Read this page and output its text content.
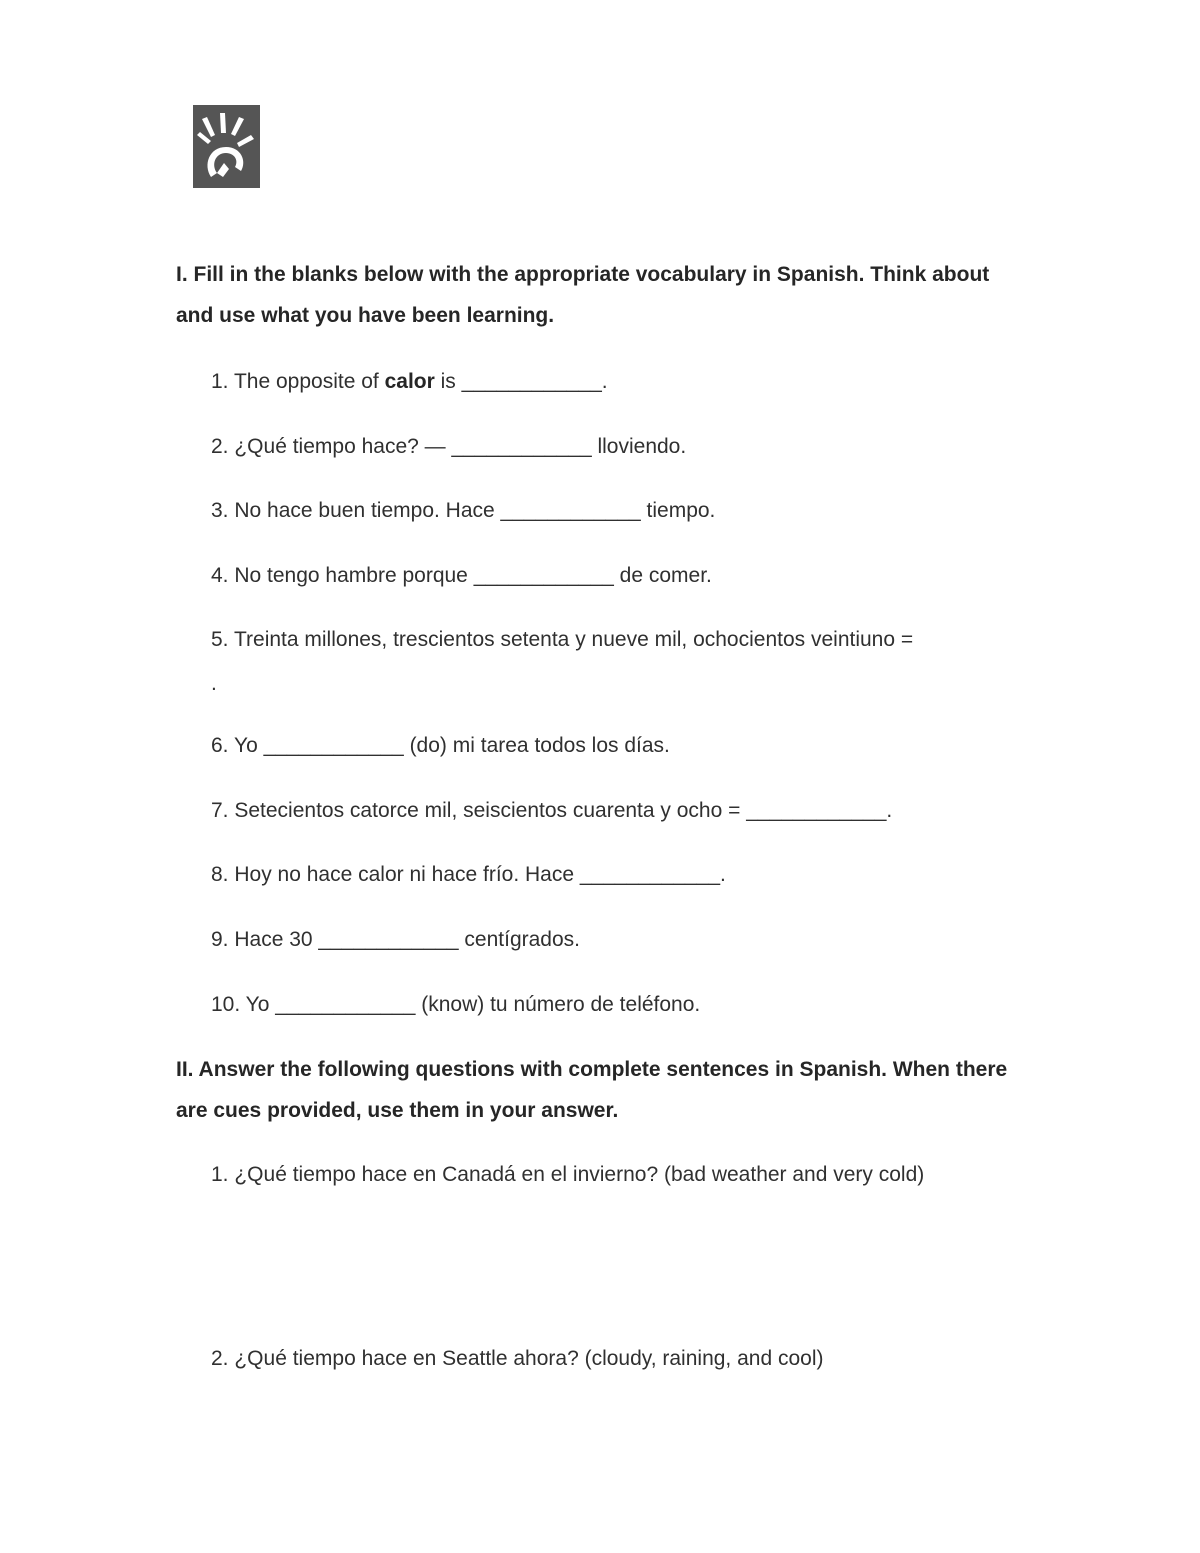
I. Fill in the blanks below with the appropriate vocabulary in Spanish. Think about
and use what you have been learning.
1. The opposite of calor is ____________.
2. ¿Qué tiempo hace? — ____________ lloviendo.
3. No hace buen tiempo. Hace ____________ tiempo.
4. No tengo hambre porque ____________ de comer.
5. Treinta millones, trescientos setenta y nueve mil, ochocientos veintiuno =
.
6. Yo ____________ (do) mi tarea todos los días.
7. Setecientos catorce mil, seiscientos cuarenta y ocho = ____________.
8. Hoy no hace calor ni hace frío. Hace ____________.
9. Hace 30 ____________ centígrados.
10. Yo ____________ (know) tu número de teléfono.
II. Answer the following questions with complete sentences in Spanish. When there
are cues provided, use them in your answer.
1. ¿Qué tiempo hace en Canadá en el invierno? (bad weather and very cold)
2. ¿Qué tiempo hace en Seattle ahora? (cloudy, raining, and cool)
